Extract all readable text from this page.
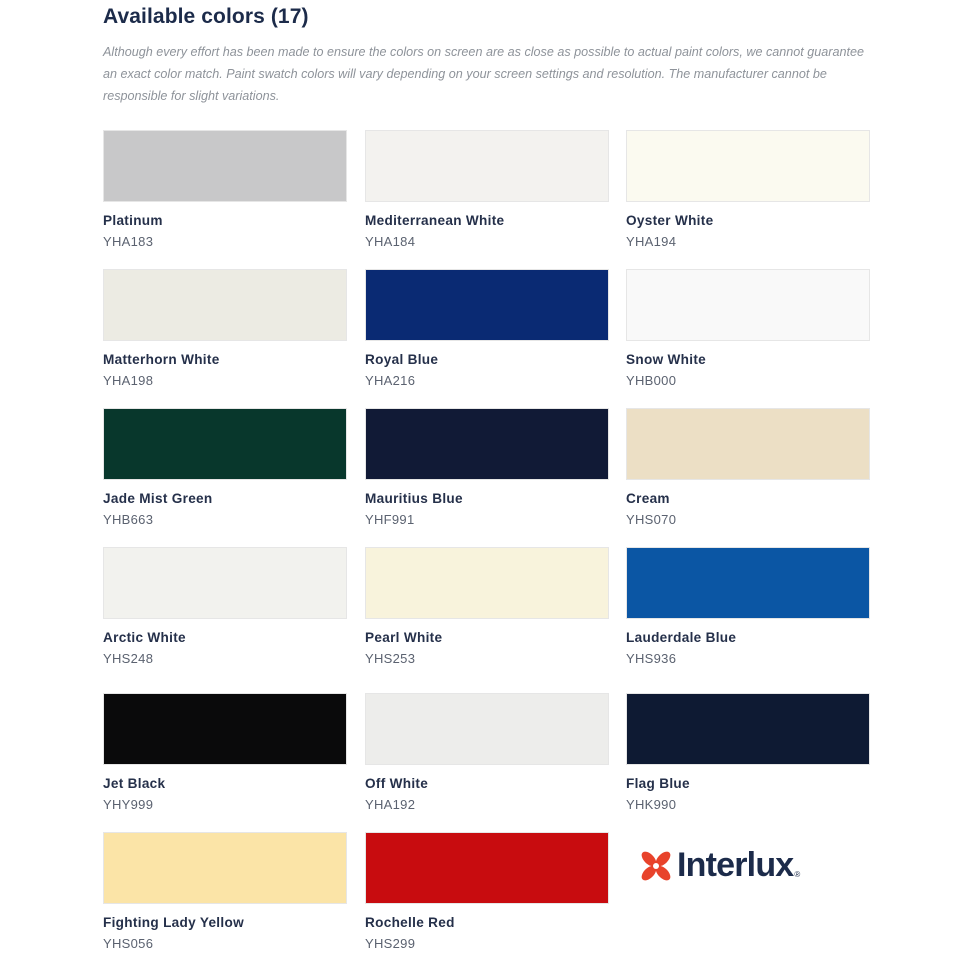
Available colors (17)
Although every effort has been made to ensure the colors on screen are as close as possible to actual paint colors, we cannot guarantee an exact color match. Paint swatch colors will vary depending on your screen settings and resolution. The manufacturer cannot be responsible for slight variations.
Platinum
YHA183
Mediterranean White
YHA184
Oyster White
YHA194
Matterhorn White
YHA198
Royal Blue
YHA216
Snow White
YHB000
Jade Mist Green
YHB663
Mauritius Blue
YHF991
Cream
YHS070
Arctic White
YHS248
Pearl White
YHS253
Lauderdale Blue
YHS936
Jet Black
YHY999
Off White
YHA192
Flag Blue
YHK990
Fighting Lady Yellow
YHS056
Rochelle Red
YHS299
Interlux ®
